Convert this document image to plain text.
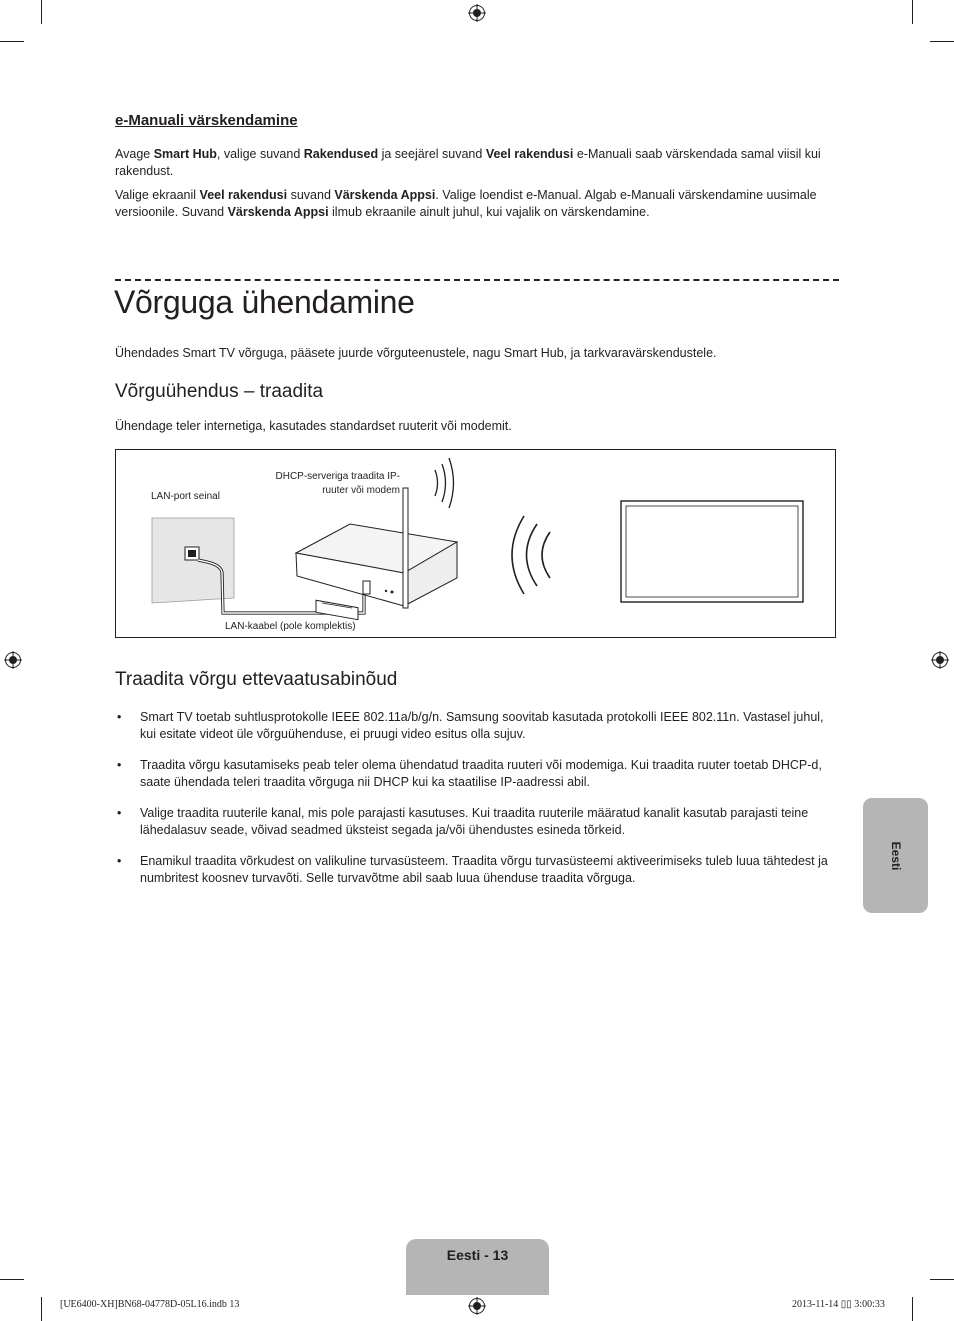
e-Manuali värskendamine

Avage Smart Hub, valige suvand Rakendused ja seejärel suvand Veel rakendusi e-Manuali saab värskendada samal viisil kui rakendust.

Valige ekraanil Veel rakendusi suvand Värskenda Appsi. Valige loendist e-Manual. Algab e-Manuali värskendamine uusimale versioonile. Suvand Värskenda Appsi ilmub ekraanile ainult juhul, kui vajalik on värskendamine.

Võrguga ühendamine

Ühendades Smart TV võrguga, pääsete juurde võrguteenustele, nagu Smart Hub, ja tarkvaravärskendustele.

Võrguühendus – traadita

Ühendage teler internetiga, kasutades standardset ruuterit või modemit.

LAN-port seinal
DHCP-serveriga traadita IP-
ruuter või modem
LAN-kaabel (pole komplektis)
Traadita võrgu ettevaatusabinõud
• Smart TV toetab suhtlusprotokolle IEEE 802.11a/b/g/n. Samsung soovitab kasutada protokolli IEEE 802.11n. Vastasel juhul, kui esitate videot üle võrguühenduse, ei pruugi video esitus olla sujuv.
• Traadita võrgu kasutamiseks peab teler olema ühendatud traadita ruuteri või modemiga. Kui traadita ruuter toetab DHCP-d, saate ühendada teleri traadita võrguga nii DHCP kui ka staatilise IP-aadressi abil.
• Valige traadita ruuterile kanal, mis pole parajasti kasutuses. Kui traadita ruuterile määratud kanalit kasutab parajasti teine lähedalasuv seade, võivad seadmed üksteist segada ja/või ühendustes esineda tõrkeid.
• Enamikul traadita võrkudest on valikuline turvasüsteem. Traadita võrgu turvasüsteemi aktiveerimiseks tuleb luua tähtedest ja numbritest koosnev turvavõti. Selle turvavõtme abil saab luua ühenduse traadita võrguga.
Eesti
Eesti - 13
[UE6400-XH]BN68-04778D-05L16.indb 13	2013-11-14 ▯▯ 3:00:33
